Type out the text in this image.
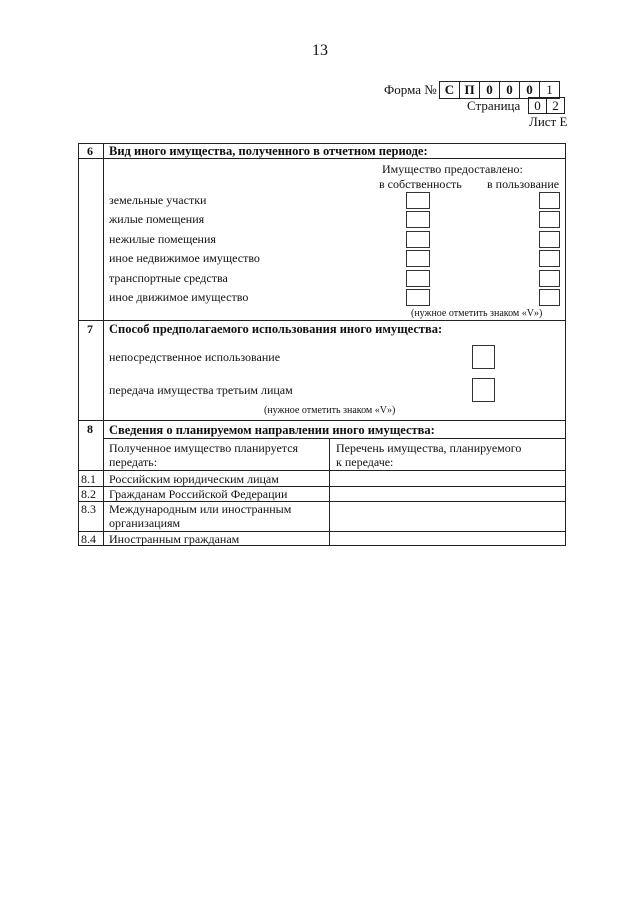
13
Форма № С П 0	0	0	1
Страница	0 2
Лист Е
6 Вид иного имущества, полученного в отчетном периоде:
Имущество предоставлено:
в собственность в пользование
земельные участки
жилые помещения
нежилые помещения
иное недвижимое имущество
транспортные средства
иное движимое имущество
(нужное отметить знаком «V»)
7 Способ предполагаемого использования иного имущества:
непосредственное использование
передача имущества третьим лицам
(нужное отметить знаком «V»)
8 Сведения о планируемом направлении иного имущества:
Полученное имущество планируется
передать:
Перечень имущества, планируемого
к передаче:
8.1 Российским юридическим лицам
8.2 Гражданам Российской Федерации
8.3 Международным или иностранным
организациям
8.4 Иностранным гражданам
